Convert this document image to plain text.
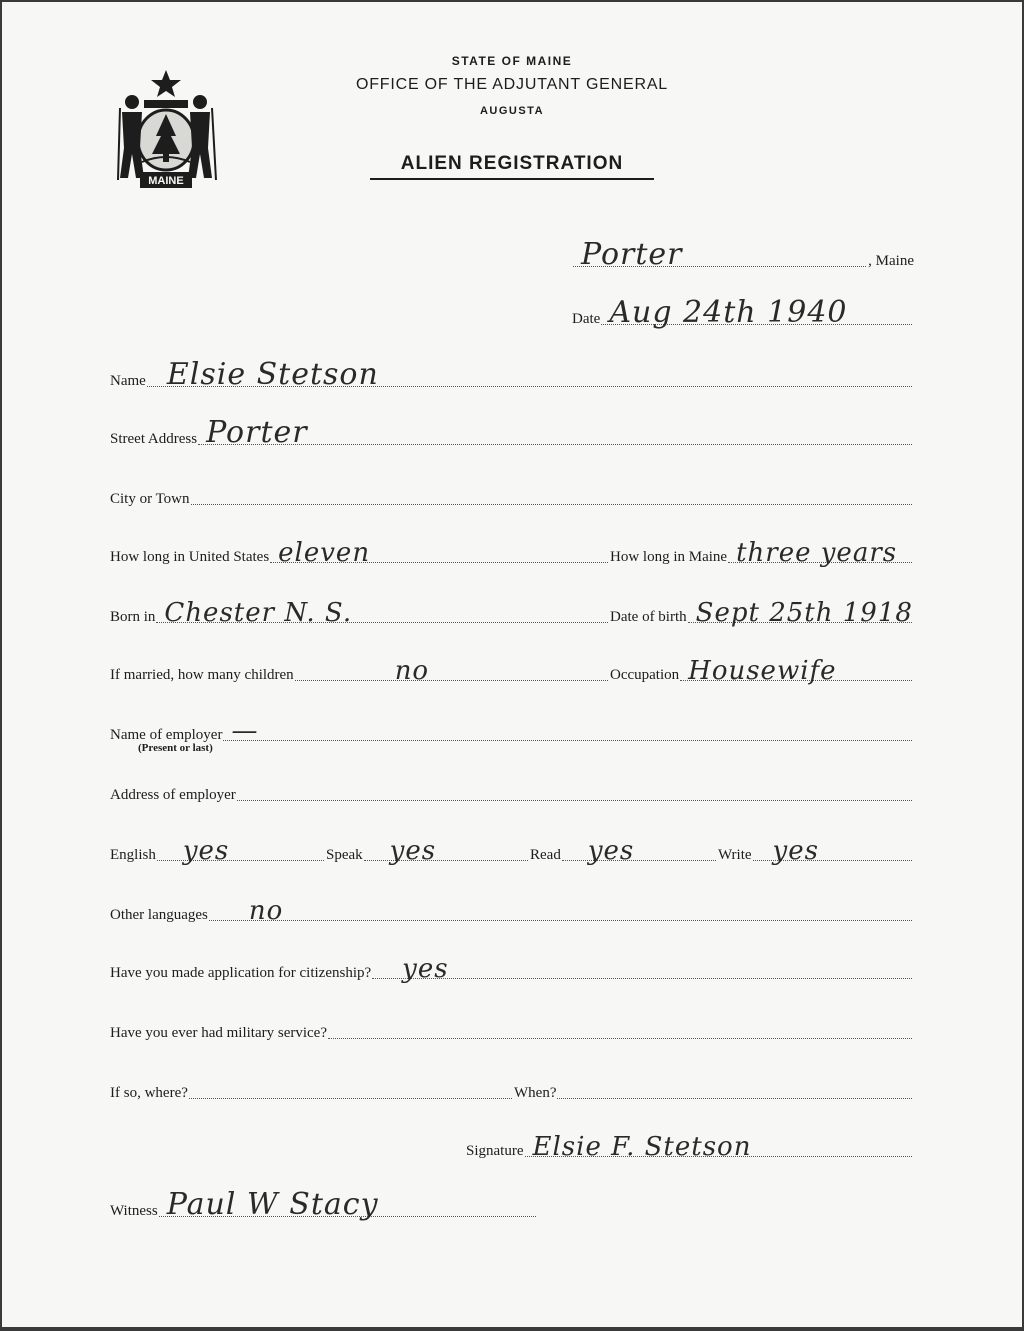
MAINE
STATE OF MAINE
OFFICE OF THE ADJUTANT GENERAL
AUGUSTA
ALIEN REGISTRATION
Porter	, Maine
Date Aug 24th 1940
Name Elsie Stetson
Street Address Porter
City or Town
How long in United States eleven	How long in Maine three years
Born in Chester N. S.	Date of birth Sept 25th 1918
If married, how many children	no	Occupation Housewife
Name of employer —
(Present or last)
Address of employer
English yes	Speak yes	Read yes	Write yes
Other languages no
Have you made application for citizenship? yes
Have you ever had military service?
If so, where?	When?
Signature Elsie F. Stetson
Witness Paul W Stacy
